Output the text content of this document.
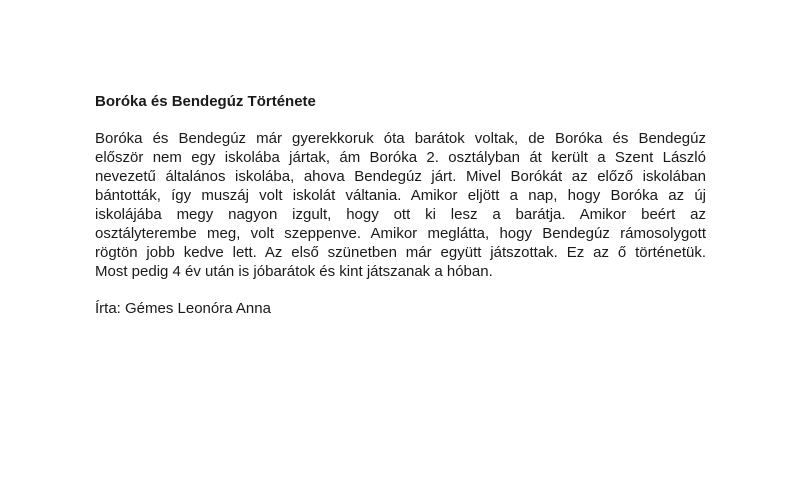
Boróka és Bendegúz Története

Boróka és Bendegúz már gyerekkoruk óta barátok voltak, de Boróka és Bendegúz
először nem egy iskolába jártak, ám Boróka 2. osztályban át került a Szent László
nevezetű általános iskolába, ahova Bendegúz járt. Mivel Borókát az előző iskolában
bántották, így muszáj volt iskolát váltania. Amikor eljött a nap, hogy Boróka az új
iskolájába megy nagyon izgult, hogy ott ki lesz a barátja. Amikor beért az
osztályterembe meg, volt szeppenve. Amikor meglátta, hogy Bendegúz rámosolygott
rögtön jobb kedve lett. Az első szünetben már együtt játszottak. Ez az ő történetük.
Most pedig 4 év után is jóbarátok és kint játszanak a hóban.

Írta: Gémes Leonóra Anna
